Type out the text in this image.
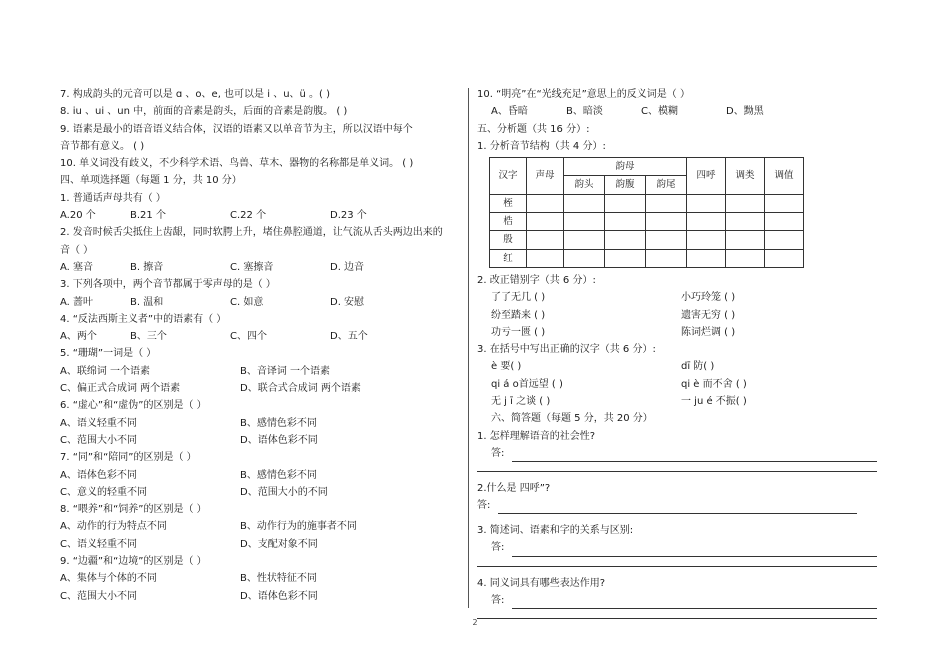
7. 构成韵头的元音可以是 ɑ 、o、e, 也可以是 i 、u、ü 。( )
8. iu 、ui 、un 中，前面的音素是韵头，后面的音素是韵腹。 ( )
9. 语素是最小的语音语义结合体，汉语的语素又以单音节为主，所以汉语中每个
音节都有意义。 ( )
10. 单义词没有歧义，不少科学术语、鸟兽、草木、器物的名称都是单义词。 ( )
四、单项选择题（每题 1 分，共 10 分）
1. 普通话声母共有（ ）
A.20 个	B.21 个	C.22 个	D.23 个
2. 发音时候舌尖抵住上齿龈，同时软腭上升，堵住鼻腔通道，让气流从舌头两边出来的
音（ ）
A. 塞音	B. 擦音	C. 塞擦音	D. 边音
3. 下列各项中，两个音节都属于零声母的是（ ）
A. 蔷叶	B. 温和	C. 如意	D. 安慰
4. “反法西斯主义者”中的语素有（ ）
A、两个	B、三个	C、四个	D、五个
5. “珊瑚”一词是（ ）
A、联绵词 一个语素	B、音译词 一个语素
C、偏正式合成词 两个语素	D、联合式合成词 两个语素
6. “虚心”和“虚伪”的区别是（ ）
A、语义轻重不同	B、感情色彩不同
C、范围大小不同	D、语体色彩不同
7. “同”和“陪同”的区别是（ ）
A、语体色彩不同	B、感情色彩不同
C、意义的轻重不同	D、范围大小的不同
8. “喂养”和“饲养”的区别是（ ）
A、动作的行为特点不同	B、动作行为的施事者不同
C、语义轻重不同	D、支配对象不同
9. “边疆”和“边境”的区别是（ ）
A、集体与个体的不同	B、性状特征不同
C、范围大小不同	D、语体色彩不同
10. “明亮”在“光线充足”意思上的反义词是（ ）
A、昏暗	B、暗淡	C、模糊	D、黝黑
五、分析题（共 16 分）:
1. 分析音节结构（共 4 分）:
汉字	声母	韵母			四呼	调类	调值
		韵头	韵腹	韵尾			
桎							
梏							
殷							
红							
2. 改正错别字（共 6 分）:
了了无几 ( )	小巧玲笼 ( )
纷至踏来 ( )	遗害无穷 ( )
功亏一匮 ( )	陈词烂调 ( )
3. 在括号中写出正确的汉字（共 6 分）:
è 要( )	dī 防( )
qi á o首远望 ( )	qi è 而不舍 ( )
无 j ī 之谈 ( )	一 ju é 不振( )
六、简答题（每题 5 分，共 20 分）
1. 怎样理解语音的社会性?
答:
2.什么是 四呼”?
答:
3. 简述词、语素和字的关系与区别:
答:
4. 同义词具有哪些表达作用?
答:
2
